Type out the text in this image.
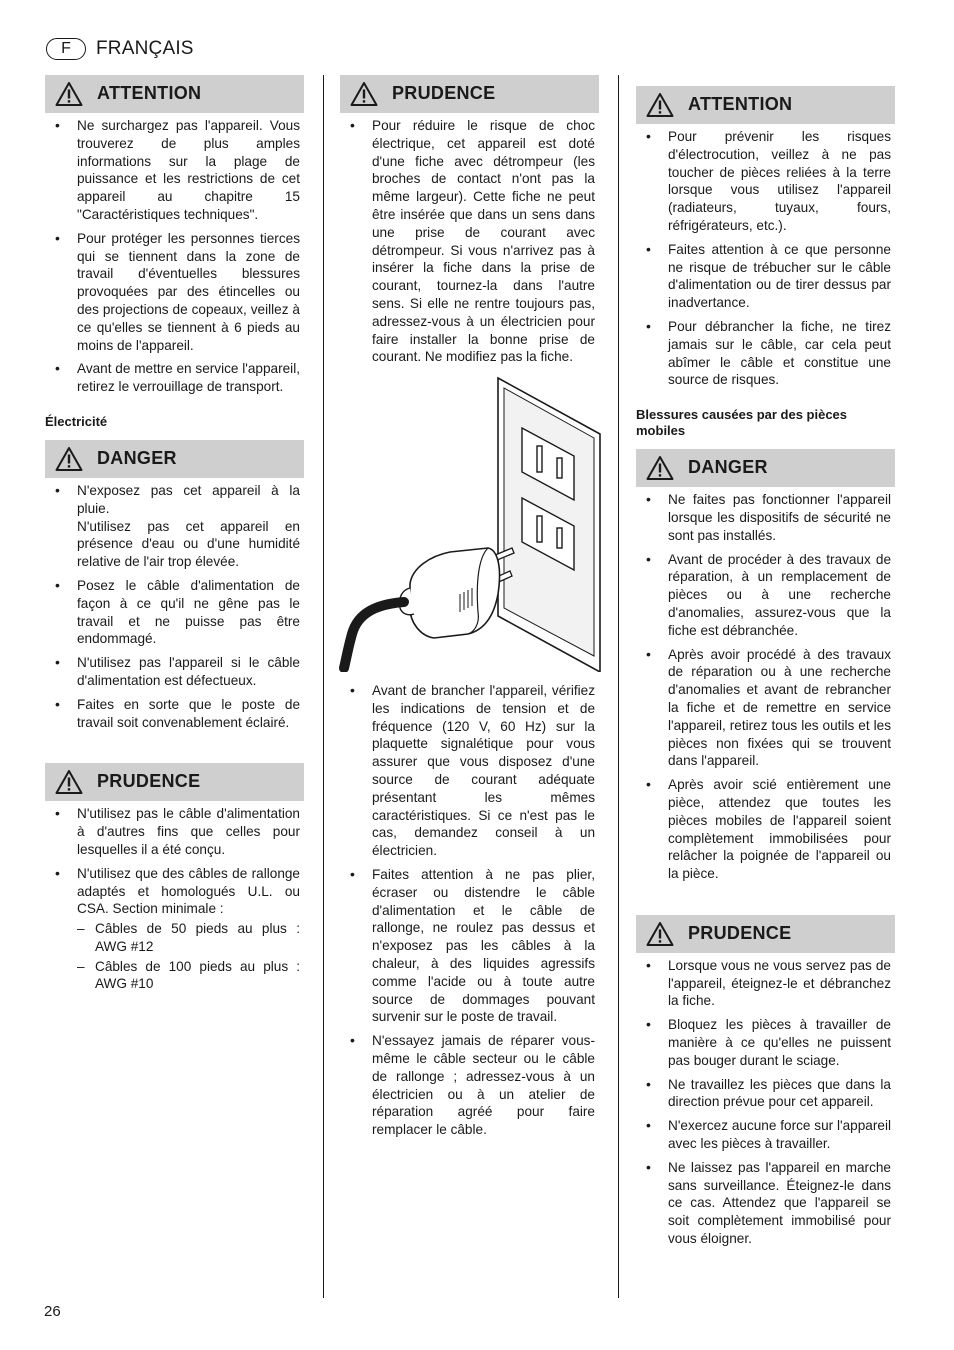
F FRANÇAIS
ATTENTION
• Ne surchargez pas l'appareil. Vous trouverez de plus amples informations sur la plage de puissance et les restrictions de cet appareil au chapitre 15 "Caractéristiques techniques".
• Pour protéger les personnes tierces qui se tiennent dans la zone de travail d'éventuelles blessures provoquées par des étincelles ou des projections de copeaux, veillez à ce qu'elles se tiennent à 6 pieds au moins de l'appareil.
• Avant de mettre en service l'appareil, retirez le verrouillage de transport.
Électricité
DANGER
• N'exposez pas cet appareil à la pluie.
N'utilisez pas cet appareil en présence d'eau ou d'une humidité relative de l'air trop élevée.
• Posez le câble d'alimentation de façon à ce qu'il ne gêne pas le travail et ne puisse pas être endommagé.
• N'utilisez pas l'appareil si le câble d'alimentation est défectueux.
• Faites en sorte que le poste de travail soit convenablement éclairé.
PRUDENCE
• N'utilisez pas le câble d'alimentation à d'autres fins que celles pour lesquelles il a été conçu.
• N'utilisez que des câbles de rallonge adaptés et homologués U.L. ou CSA. Section minimale :
– Câbles de 50 pieds au plus : AWG #12
– Câbles de 100 pieds au plus : AWG #10
PRUDENCE
• Pour réduire le risque de choc électrique, cet appareil est doté d'une fiche avec détrompeur (les broches de contact n'ont pas la même largeur). Cette fiche ne peut être insérée que dans un sens dans une prise de courant avec détrompeur. Si vous n'arrivez pas à insérer la fiche dans la prise de courant, tournez-la dans l'autre sens. Si elle ne rentre toujours pas, adressez-vous à un électricien pour faire installer la bonne prise de courant. Ne modifiez pas la fiche.
• Avant de brancher l'appareil, vérifiez les indications de tension et de fréquence (120 V, 60 Hz) sur la plaquette signalétique pour vous assurer que vous disposez d'une source de courant adéquate présentant les mêmes caractéristiques. Si ce n'est pas le cas, demandez conseil à un électricien.
• Faites attention à ne pas plier, écraser ou distendre le câble d'alimentation et le câble de rallonge, ne roulez pas dessus et n'exposez pas les câbles à la chaleur, à des liquides agressifs comme l'acide ou à toute autre source de dommages pouvant survenir sur le poste de travail.
• N'essayez jamais de réparer vous-même le câble secteur ou le câble de rallonge ; adressez-vous à un électricien ou à un atelier de réparation agréé pour faire remplacer le câble.
ATTENTION
• Pour prévenir les risques d'électrocution, veillez à ne pas toucher de pièces reliées à la terre lorsque vous utilisez l'appareil (radiateurs, tuyaux, fours, réfrigérateurs, etc.).
• Faites attention à ce que personne ne risque de trébucher sur le câble d'alimentation ou de tirer dessus par inadvertance.
• Pour débrancher la fiche, ne tirez jamais sur le câble, car cela peut abîmer le câble et constitue une source de risques.
Blessures causées par des pièces mobiles
DANGER
• Ne faites pas fonctionner l'appareil lorsque les dispositifs de sécurité ne sont pas installés.
• Avant de procéder à des travaux de réparation, à un remplacement de pièces ou à une recherche d'anomalies, assurez-vous que la fiche est débranchée.
• Après avoir procédé à des travaux de réparation ou à une recherche d'anomalies et avant de rebrancher la fiche et de remettre en service l'appareil, retirez tous les outils et les pièces non fixées qui se trouvent dans l'appareil.
• Après avoir scié entièrement une pièce, attendez que toutes les pièces mobiles de l'appareil soient complètement immobilisées pour relâcher la poignée de l'appareil ou la pièce.
PRUDENCE
• Lorsque vous ne vous servez pas de l'appareil, éteignez-le et débranchez la fiche.
• Bloquez les pièces à travailler de manière à ce qu'elles ne puissent pas bouger durant le sciage.
• Ne travaillez les pièces que dans la direction prévue pour cet appareil.
• N'exercez aucune force sur l'appareil avec les pièces à travailler.
• Ne laissez pas l'appareil en marche sans surveillance. Éteignez-le dans ce cas. Attendez que l'appareil se soit complètement immobilisé pour vous éloigner.
26
